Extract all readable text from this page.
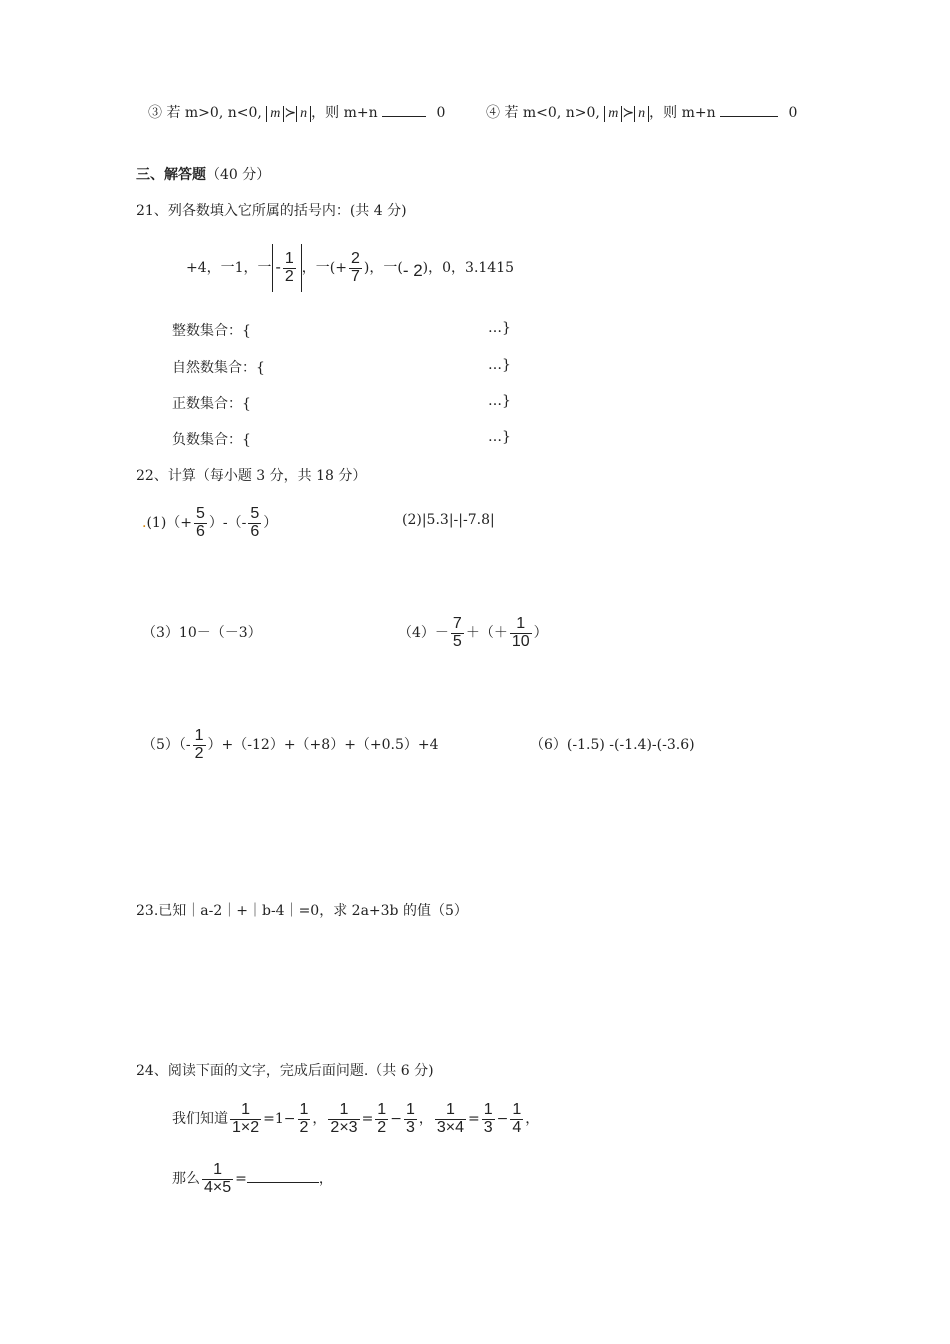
③ 若 m>0, n<0, m ≻ n ，则 m+n	0	④ 若 m<0, n>0, m ≻ n ，则 m+n	0
三、解答题（40 分）
21、列各数填入它所属的括号内：(共 4 分)
+4，一1，一 - $\frac{1}{2}$ ，一(+ $\frac{2}{7}$ )，一(- 2)，0，3.1415
整数集合：{	…}
自然数集合：{	…}
正数集合：{	…}
负数集合：{	…}
22、计算（每小题 3 分，共 18 分）
$.(1)(+ \frac{5}{6}$ ）-（- $\frac{5}{6}$ ）	(2)|5.3|-|-7.8|
（3）10－（－3）	$(4)- \frac{7}{5}$ ＋（＋ $\frac{1}{10}$ ）
$(5)(- \frac{1}{2} )+(-12)+(+8)+(+0.5)+4$	（6）(-1.5) -(-1.4)-(-3.6)
23.已知｜a-2｜+｜b-4｜=0，求 2a+3b 的值（5）
24、阅读下面的文字，完成后面问题.（共 6 分)
我们知道 $\frac{1}{1\times 2} =1- \frac{1}{2}$ ， $\frac{1}{2\times 3} = \frac{1}{2} - \frac{1}{3}$ ， $\frac{1}{3\times 4} = \frac{1}{3} - \frac{1}{4}$ ，
那么 $\frac{1}{4\times 5}$ =	，
